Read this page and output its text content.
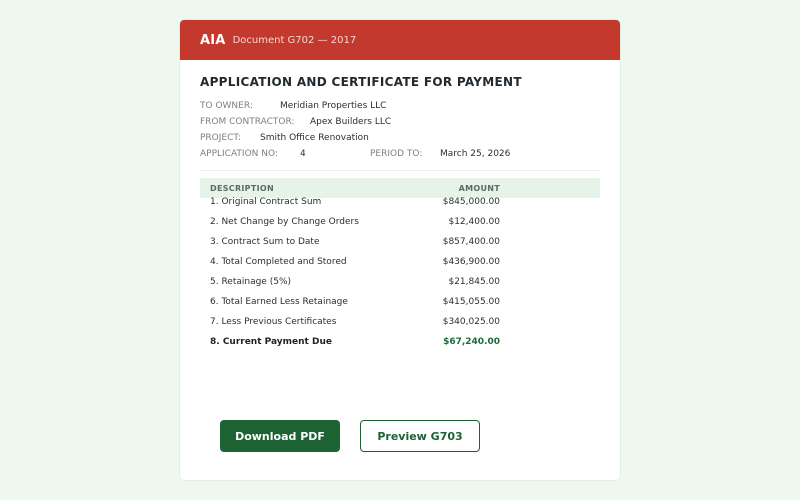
AIA Document G702 — 2017
APPLICATION AND CERTIFICATE FOR PAYMENT
TO OWNER:	Meridian Properties LLC
FROM CONTRACTOR: Apex Builders LLC
PROJECT: Smith Office Renovation
APPLICATION NO: 4	PERIOD TO: March 25, 2026
DESCRIPTION	AMOUNT
1. Original Contract Sum	$845,000.00
2. Net Change by Change Orders	$12,400.00
3. Contract Sum to Date	$857,400.00
4. Total Completed and Stored	$436,900.00
5. Retainage (5%)	$21,845.00
6. Total Earned Less Retainage	$415,055.00
7. Less Previous Certificates	$340,025.00
8. Current Payment Due	$67,240.00
Download PDF	Preview G703
